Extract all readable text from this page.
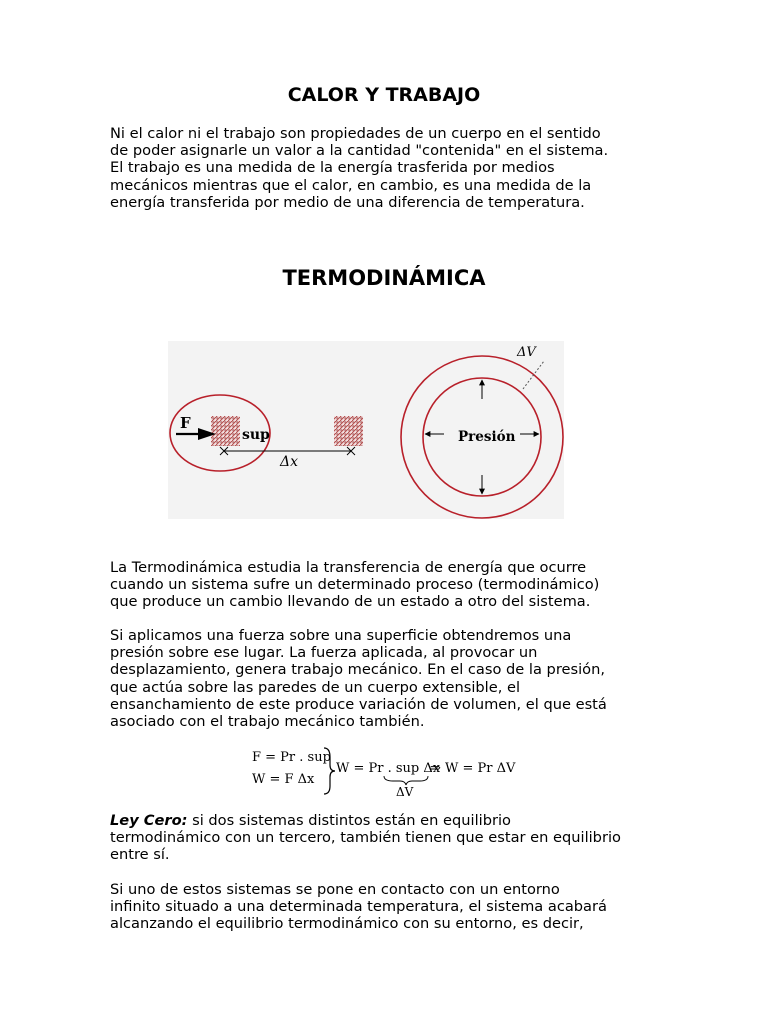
CALOR Y TRABAJO

Ni el calor ni el trabajo son propiedades de un cuerpo en el sentido
de poder asignarle un valor a la cantidad "contenida" en el sistema.
El trabajo es una medida de la energía trasferida por medios
mecánicos mientras que el calor, en cambio, es una medida de la
energía transferida por medio de una diferencia de temperatura.

TERMODINÁMICA
F
sup
Δx
Presión
ΔV

La Termodinámica estudia la transferencia de energía que ocurre
cuando un sistema sufre un determinado proceso (termodinámico)
que produce un cambio llevando de un estado a otro del sistema.

Si aplicamos una fuerza sobre una superficie obtendremos una
presión sobre ese lugar. La fuerza aplicada, al provocar un
desplazamiento, genera trabajo mecánico. En el caso de la presión,
que actúa sobre las paredes de un cuerpo extensible, el
ensanchamiento de este produce variación de volumen, el que está
asociado con el trabajo mecánico también.

F = Pr . sup
W = F Δx
W = Pr . sup Δx
ΔV
⇒ W = Pr ΔV

Ley Cero: si dos sistemas distintos están en equilibrio
termodinámico con un tercero, también tienen que estar en equilibrio
entre sí.

Si uno de estos sistemas se pone en contacto con un entorno
infinito situado a una determinada temperatura, el sistema acabará
alcanzando el equilibrio termodinámico con su entorno, es decir,
